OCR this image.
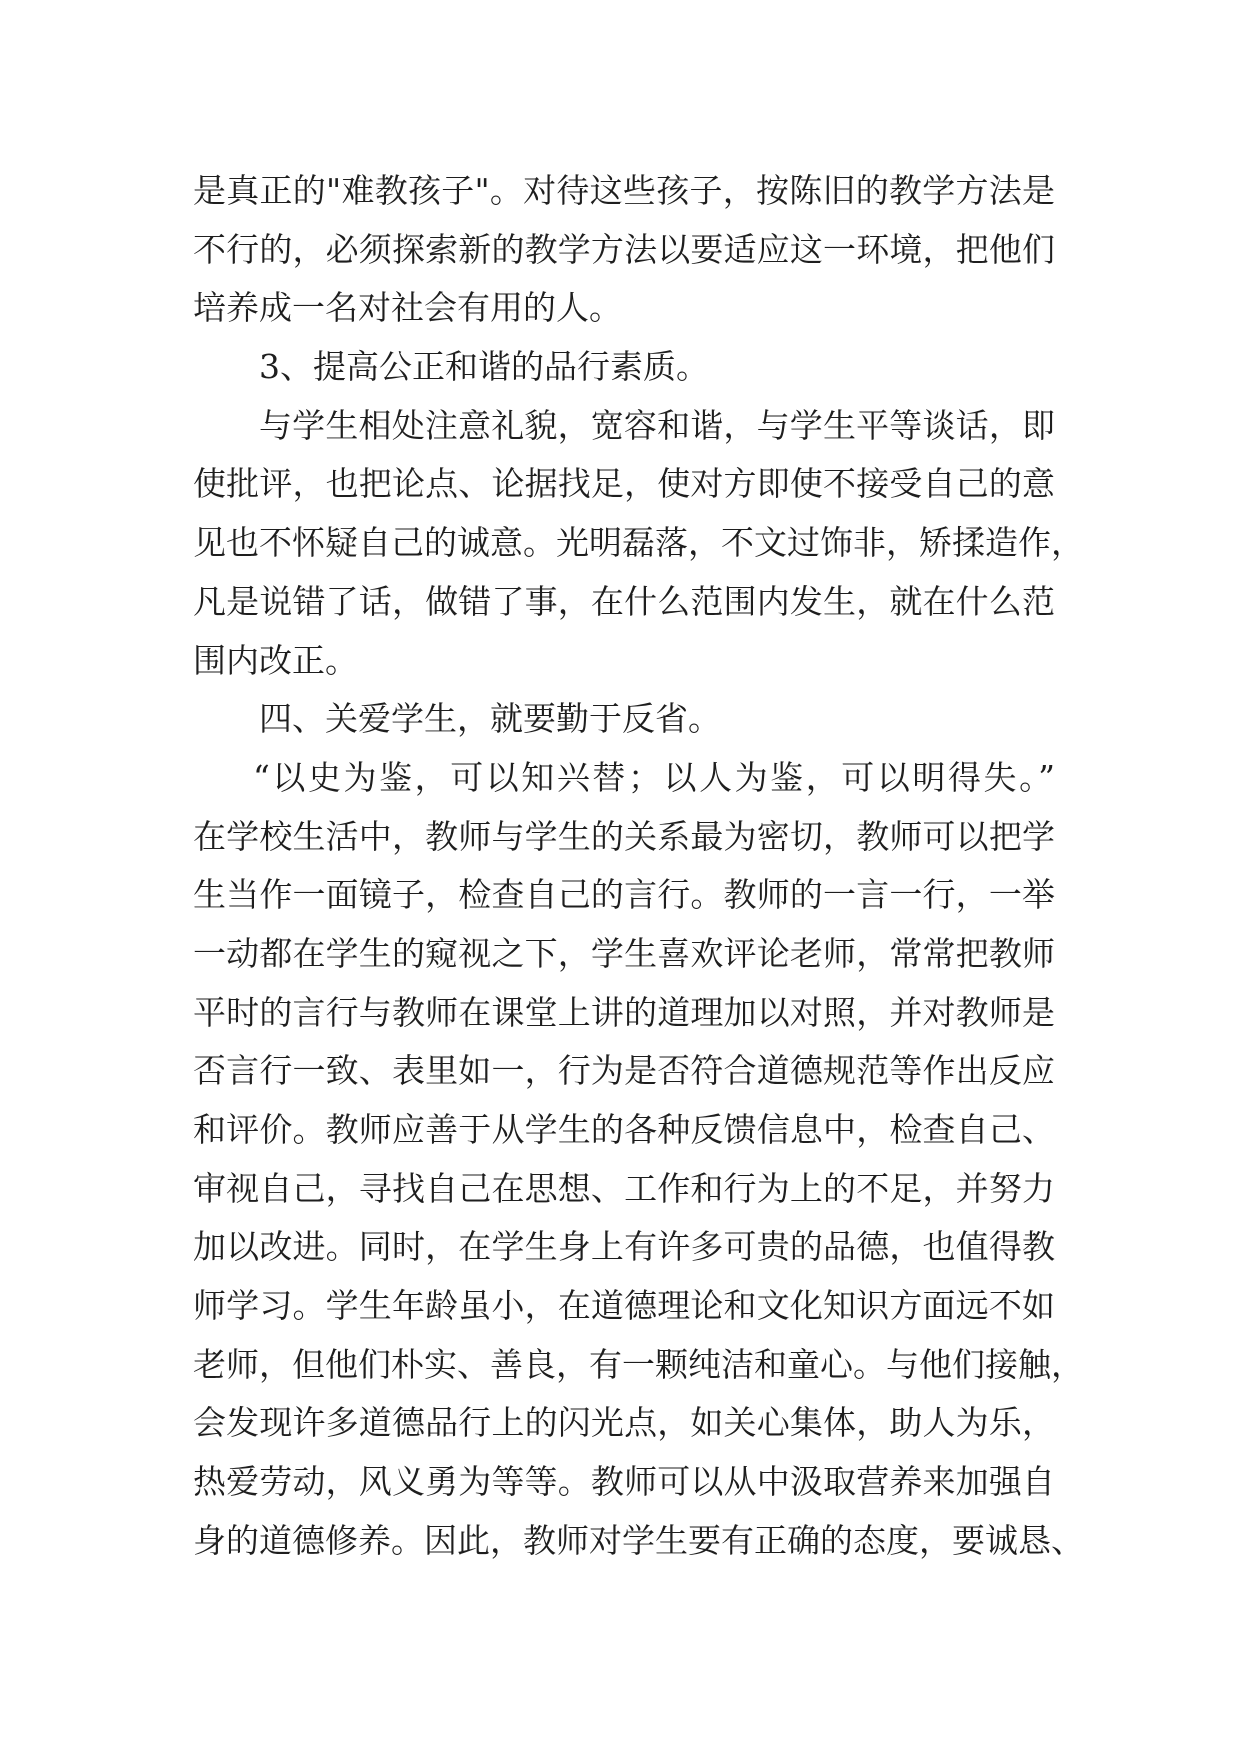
是真正的"难教孩子"。对待这些孩子，按陈旧的教学方法是
不行的，必须探索新的教学方法以要适应这一环境，把他们
培养成一名对社会有用的人。
3、提高公正和谐的品行素质。
与学生相处注意礼貌，宽容和谐，与学生平等谈话，即
使批评，也把论点、论据找足，使对方即使不接受自己的意
见也不怀疑自己的诚意。光明磊落，不文过饰非，矫揉造作，
凡是说错了话，做错了事，在什么范围内发生，就在什么范
围内改正。
四、关爱学生，就要勤于反省。
“以史为鉴，可以知兴替；以人为鉴，可以明得失。”
在学校生活中，教师与学生的关系最为密切，教师可以把学
生当作一面镜子，检查自己的言行。教师的一言一行，一举
一动都在学生的窥视之下，学生喜欢评论老师，常常把教师
平时的言行与教师在课堂上讲的道理加以对照，并对教师是
否言行一致、表里如一，行为是否符合道德规范等作出反应
和评价。教师应善于从学生的各种反馈信息中，检查自己、
审视自己，寻找自己在思想、工作和行为上的不足，并努力
加以改进。同时，在学生身上有许多可贵的品德，也值得教
师学习。学生年龄虽小，在道德理论和文化知识方面远不如
老师，但他们朴实、善良，有一颗纯洁和童心。与他们接触，
会发现许多道德品行上的闪光点，如关心集体，助人为乐，
热爱劳动，风义勇为等等。教师可以从中汲取营养来加强自
身的道德修养。因此，教师对学生要有正确的态度，要诚恳、
